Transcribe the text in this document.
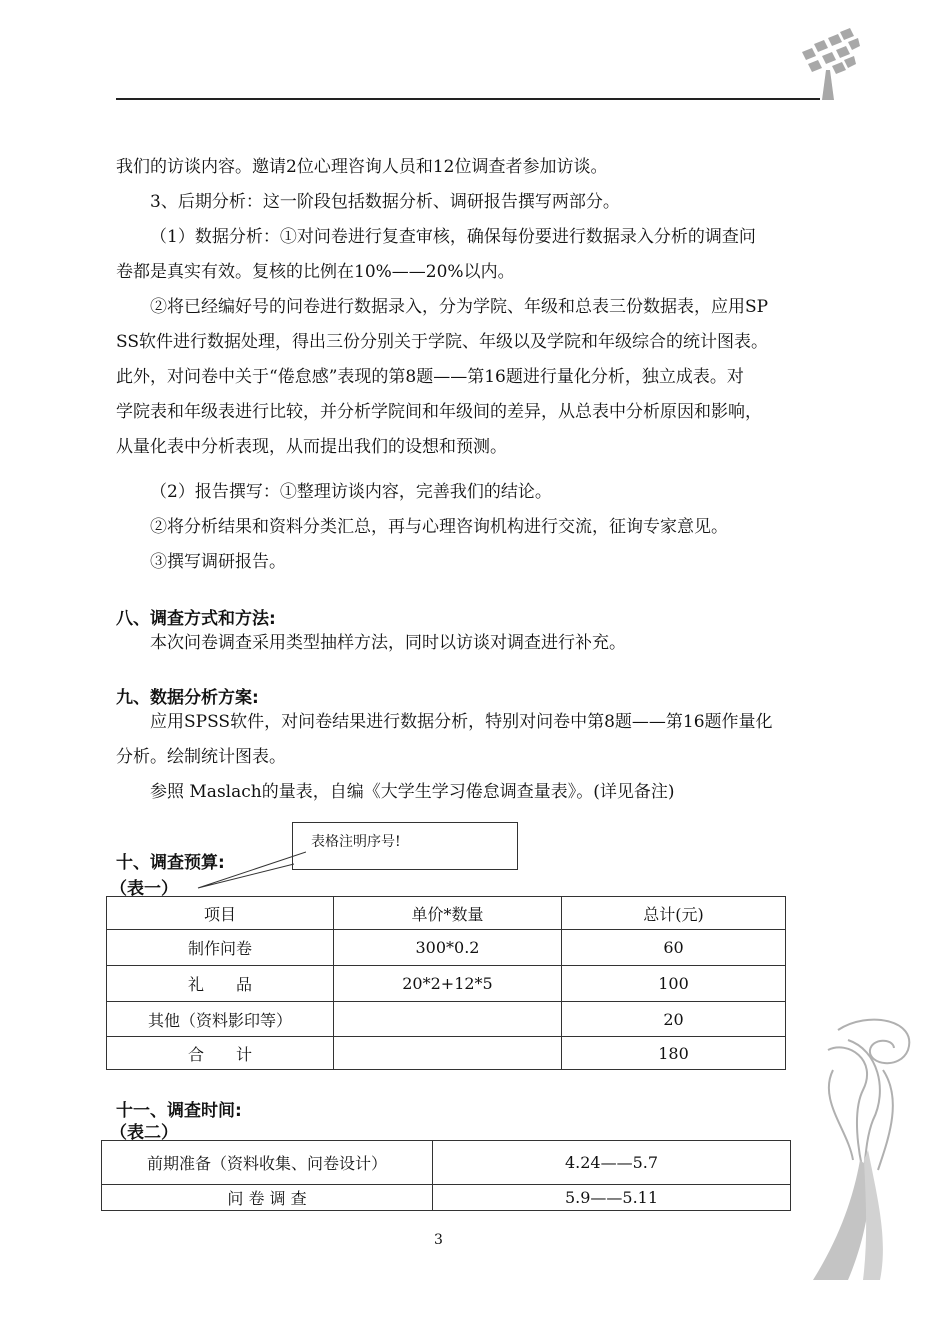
我们的访谈内容。邀请2位心理咨询人员和12位调查者参加访谈。
3、后期分析：这一阶段包括数据分析、调研报告撰写两部分。
（1）数据分析：①对问卷进行复查审核，确保每份要进行数据录入分析的调查问
卷都是真实有效。复核的比例在10%——20%以内。
②将已经编好号的问卷进行数据录入，分为学院、年级和总表三份数据表，应用SP
SS软件进行数据处理，得出三份分别关于学院、年级以及学院和年级综合的统计图表。
此外，对问卷中关于“倦怠感”表现的第8题——第16题进行量化分析，独立成表。对
学院表和年级表进行比较，并分析学院间和年级间的差异，从总表中分析原因和影响，
从量化表中分析表现，从而提出我们的设想和预测。
（2）报告撰写：①整理访谈内容，完善我们的结论。
②将分析结果和资料分类汇总，再与心理咨询机构进行交流，征询专家意见。
③撰写调研报告。
八、调查方式和方法:
本次问卷调查采用类型抽样方法，同时以访谈对调查进行补充。
九、数据分析方案:
应用SPSS软件，对问卷结果进行数据分析，特别对问卷中第8题——第16题作量化
分析。绘制统计图表。
参照 Maslach的量表，自编《大学生学习倦怠调查量表》。(详见备注)
表格注明序号!
十、调查预算:
（表一）
项目	单价*数量	总计(元)
制作问卷	300*0.2	60
礼　　品	20*2+12*5	100
其他（资料影印等）		20
合　　计		180
十一、调查时间:
（表二）
前期准备（资料收集、问卷设计）	4.24——5.7
问 卷 调 查	5.9——5.11
3
